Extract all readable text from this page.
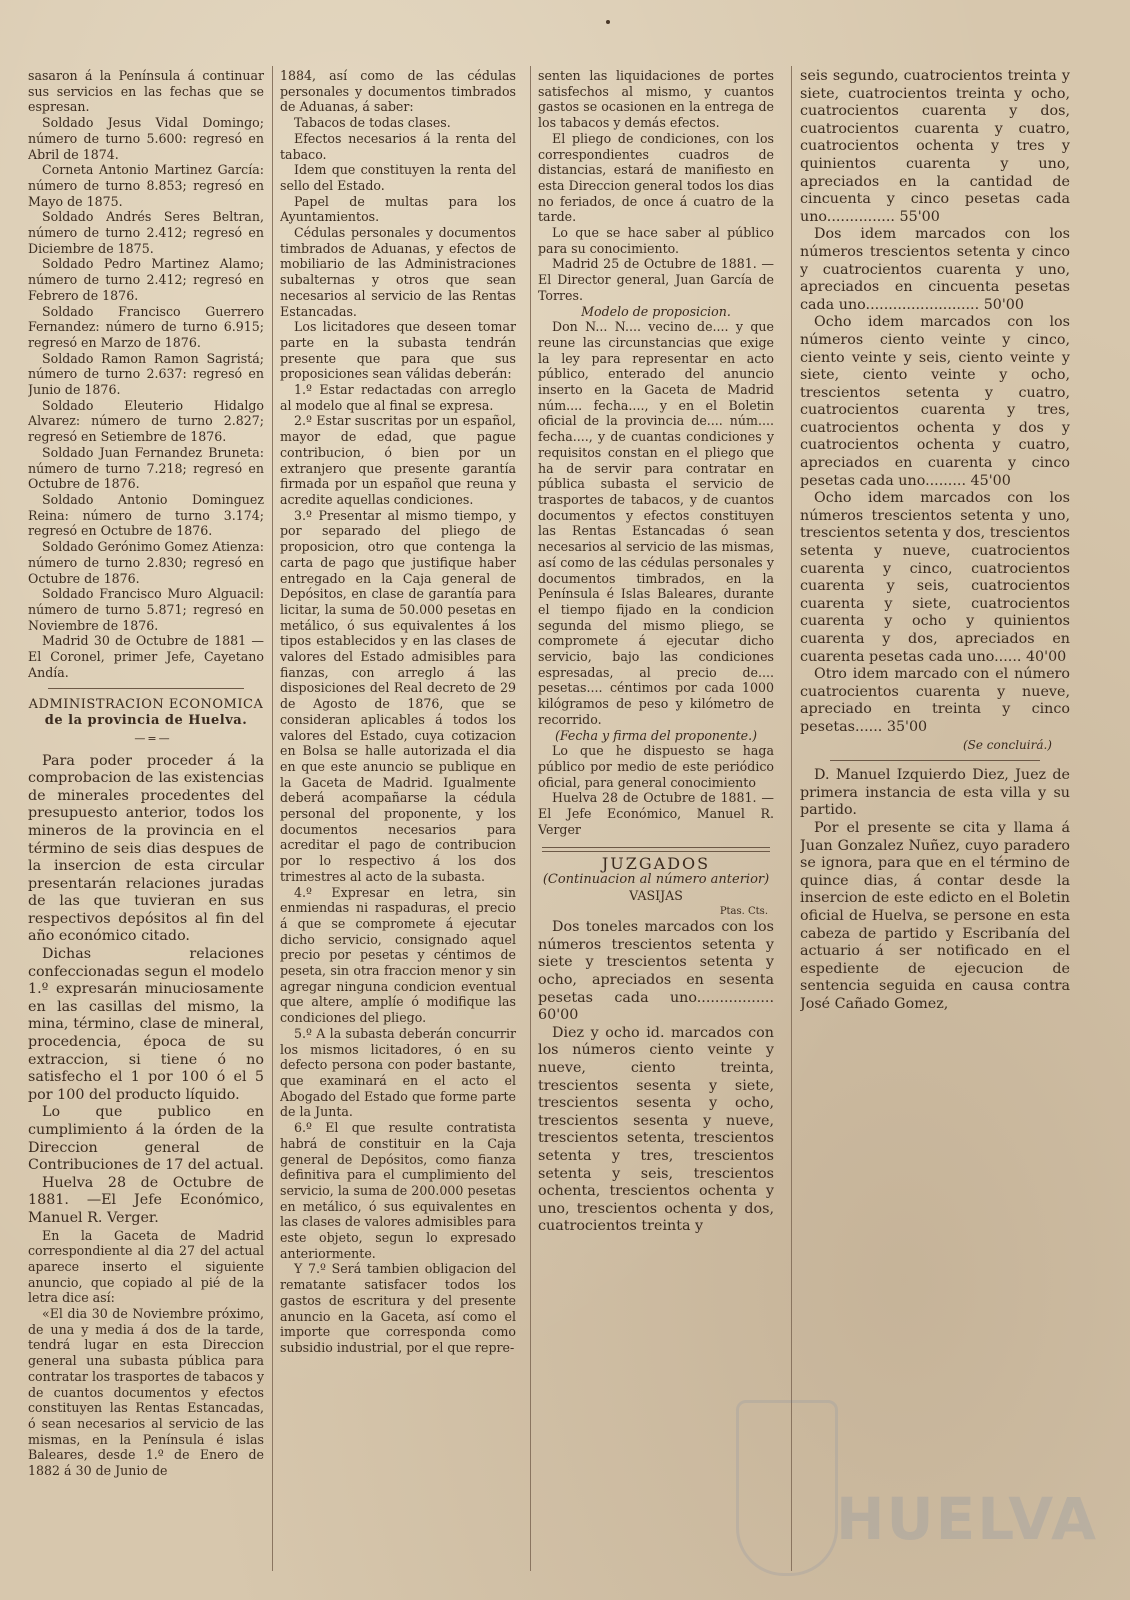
sasaron á la Península á continuar sus servicios en las fechas que se espresan.

Soldado Jesus Vidal Domingo; número de turno 5.600: regresó en Abril de 1874.

Corneta Antonio Martinez García: número de turno 8.853; regresó en Mayo de 1875.

Soldado Andrés Seres Beltran, número de turno 2.412; regresó en Diciembre de 1875.

Soldado Pedro Martinez Alamo; número de turno 2.412; regresó en Febrero de 1876.

Soldado Francisco Guerrero Fernandez: número de turno 6.915; regresó en Marzo de 1876.

Soldado Ramon Ramon Sagristá; número de turno 2.637: regresó en Junio de 1876.

Soldado Eleuterio Hidalgo Alvarez: número de turno 2.827; regresó en Setiembre de 1876.

Soldado Juan Fernandez Bruneta: número de turno 7.218; regresó en Octubre de 1876.

Soldado Antonio Dominguez Reina: número de turno 3.174; regresó en Octubre de 1876.

Soldado Gerónimo Gomez Atienza: número de turno 2.830; regresó en Octubre de 1876.

Soldado Francisco Muro Alguacil: número de turno 5.871; regresó en Noviembre de 1876.

Madrid 30 de Octubre de 1881 — El Coronel, primer Jefe, Cayetano Andía.

ADMINISTRACION ECONOMICA

de la provincia de Huelva.

—=—

Para poder proceder á la comprobacion de las existencias de minerales procedentes del presupuesto anterior, todos los mineros de la provincia en el término de seis dias despues de la insercion de esta circular presentarán relaciones juradas de las que tuvieran en sus respectivos depósitos al fin del año económico citado.

Dichas relaciones confeccionadas segun el modelo 1.º expresarán minuciosamente en las casillas del mismo, la mina, término, clase de mineral, procedencia, época de su extraccion, si tiene ó no satisfecho el 1 por 100 ó el 5 por 100 del producto líquido.

Lo que publico en cumplimiento á la órden de la Direccion general de Contribuciones de 17 del actual.

Huelva 28 de Octubre de 1881. —El Jefe Económico, Manuel R. Verger.

En la Gaceta de Madrid correspondiente al dia 27 del actual aparece inserto el siguiente anuncio, que copiado al pié de la letra dice así:

«El dia 30 de Noviembre próximo, de una y media á dos de la tarde, tendrá lugar en esta Direccion general una subasta pública para contratar los trasportes de tabacos y de cuantos documentos y efectos constituyen las Rentas Estancadas, ó sean necesarios al servicio de las mismas, en la Península é islas Baleares, desde 1.º de Enero de 1882 á 30 de Junio de

1884, así como de las cédulas personales y documentos timbrados de Aduanas, á saber:

Tabacos de todas clases.

Efectos necesarios á la renta del tabaco.

Idem que constituyen la renta del sello del Estado.

Papel de multas para los Ayuntamientos.

Cédulas personales y documentos timbrados de Aduanas, y efectos de mobiliario de las Administraciones subalternas y otros que sean necesarios al servicio de las Rentas Estancadas.

Los licitadores que deseen tomar parte en la subasta tendrán presente que para que sus proposiciones sean válidas deberán:

1.º Estar redactadas con arreglo al modelo que al final se expresa.

2.º Estar suscritas por un español, mayor de edad, que pague contribucion, ó bien por un extranjero que presente garantía firmada por un español que reuna y acredite aquellas condiciones.

3.º Presentar al mismo tiempo, y por separado del pliego de proposicion, otro que contenga la carta de pago que justifique haber entregado en la Caja general de Depósitos, en clase de garantía para licitar, la suma de 50.000 pesetas en metálico, ó sus equivalentes á los tipos establecidos y en las clases de valores del Estado admisibles para fianzas, con arreglo á las disposiciones del Real decreto de 29 de Agosto de 1876, que se consideran aplicables á todos los valores del Estado, cuya cotizacion en Bolsa se halle autorizada el dia en que este anuncio se publique en la Gaceta de Madrid. Igualmente deberá acompañarse la cédula personal del proponente, y los documentos necesarios para acreditar el pago de contribucion por lo respectivo á los dos trimestres al acto de la subasta.

4.º Expresar en letra, sin enmiendas ni raspaduras, el precio á que se compromete á ejecutar dicho servicio, consignado aquel precio por pesetas y céntimos de peseta, sin otra fraccion menor y sin agregar ninguna condicion eventual que altere, amplíe ó modifique las condiciones del pliego.

5.º A la subasta deberán concurrir los mismos licitadores, ó en su defecto persona con poder bastante, que examinará en el acto el Abogado del Estado que forme parte de la Junta.

6.º El que resulte contratista habrá de constituir en la Caja general de Depósitos, como fianza definitiva para el cumplimiento del servicio, la suma de 200.000 pesetas en metálico, ó sus equivalentes en las clases de valores admisibles para este objeto, segun lo expresado anteriormente.

Y 7.º Será tambien obligacion del rematante satisfacer todos los gastos de escritura y del presente anuncio en la Gaceta, así como el importe que corresponda como subsidio industrial, por el que repre-

senten las liquidaciones de portes satisfechos al mismo, y cuantos gastos se ocasionen en la entrega de los tabacos y demás efectos.

El pliego de condiciones, con los correspondientes cuadros de distancias, estará de manifiesto en esta Direccion general todos los dias no feriados, de once á cuatro de la tarde.

Lo que se hace saber al público para su conocimiento.

Madrid 25 de Octubre de 1881. —El Director general, Juan García de Torres.

Modelo de proposicion.

Don N... N.... vecino de.... y que reune las circunstancias que exige la ley para representar en acto público, enterado del anuncio inserto en la Gaceta de Madrid núm.... fecha...., y en el Boletin oficial de la provincia de.... núm.... fecha...., y de cuantas condiciones y requisitos constan en el pliego que ha de servir para contratar en pública subasta el servicio de trasportes de tabacos, y de cuantos documentos y efectos constituyen las Rentas Estancadas ó sean necesarios al servicio de las mismas, así como de las cédulas personales y documentos timbrados, en la Península é Islas Baleares, durante el tiempo fijado en la condicion segunda del mismo pliego, se compromete á ejecutar dicho servicio, bajo las condiciones espresadas, al precio de.... pesetas.... céntimos por cada 1000 kilógramos de peso y kilómetro de recorrido.

(Fecha y firma del proponente.)

Lo que he dispuesto se haga público por medio de este periódico oficial, para general conocimiento

Huelva 28 de Octubre de 1881. —El Jefe Económico, Manuel R. Verger

JUZGADOS

(Continuacion al número anterior)

VASIJAS

Ptas. Cts.

Dos toneles marcados con los números trescientos setenta y siete y trescientos setenta y ocho, apreciados en sesenta pesetas cada uno................. 60'00

Diez y ocho id. marcados con los números ciento veinte y nueve, ciento treinta, trescientos sesenta y siete, trescientos sesenta y ocho, trescientos sesenta y nueve, trescientos setenta, trescientos setenta y tres, trescientos setenta y seis, trescientos ochenta, trescientos ochenta y uno, trescientos ochenta y dos, cuatrocientos treinta y

seis segundo, cuatrocientos treinta y siete, cuatrocientos treinta y ocho, cuatrocientos cuarenta y dos, cuatrocientos cuarenta y cuatro, cuatrocientos ochenta y tres y quinientos cuarenta y uno, apreciados en la cantidad de cincuenta y cinco pesetas cada uno............... 55'00

Dos idem marcados con los números trescientos setenta y cinco y cuatrocientos cuarenta y uno, apreciados en cincuenta pesetas cada uno......................... 50'00

Ocho idem marcados con los números ciento veinte y cinco, ciento veinte y seis, ciento veinte y siete, ciento veinte y ocho, trescientos setenta y cuatro, cuatrocientos cuarenta y tres, cuatrocientos ochenta y dos y cuatrocientos ochenta y cuatro, apreciados en cuarenta y cinco pesetas cada uno......... 45'00

Ocho idem marcados con los números trescientos setenta y uno, trescientos setenta y dos, trescientos setenta y nueve, cuatrocientos cuarenta y cinco, cuatrocientos cuarenta y seis, cuatrocientos cuarenta y siete, cuatrocientos cuarenta y ocho y quinientos cuarenta y dos, apreciados en cuarenta pesetas cada uno...... 40'00

Otro idem marcado con el número cuatrocientos cuarenta y nueve, apreciado en treinta y cinco pesetas...... 35'00

(Se concluirá.)

D. Manuel Izquierdo Diez, Juez de primera instancia de esta villa y su partido.

Por el presente se cita y llama á Juan Gonzalez Nuñez, cuyo paradero se ignora, para que en el término de quince dias, á contar desde la insercion de este edicto en el Boletin oficial de Huelva, se persone en esta cabeza de partido y Escribanía del actuario á ser notificado en el espediente de ejecucion de sentencia seguida en causa contra José Cañado Gomez,

HUELVA
